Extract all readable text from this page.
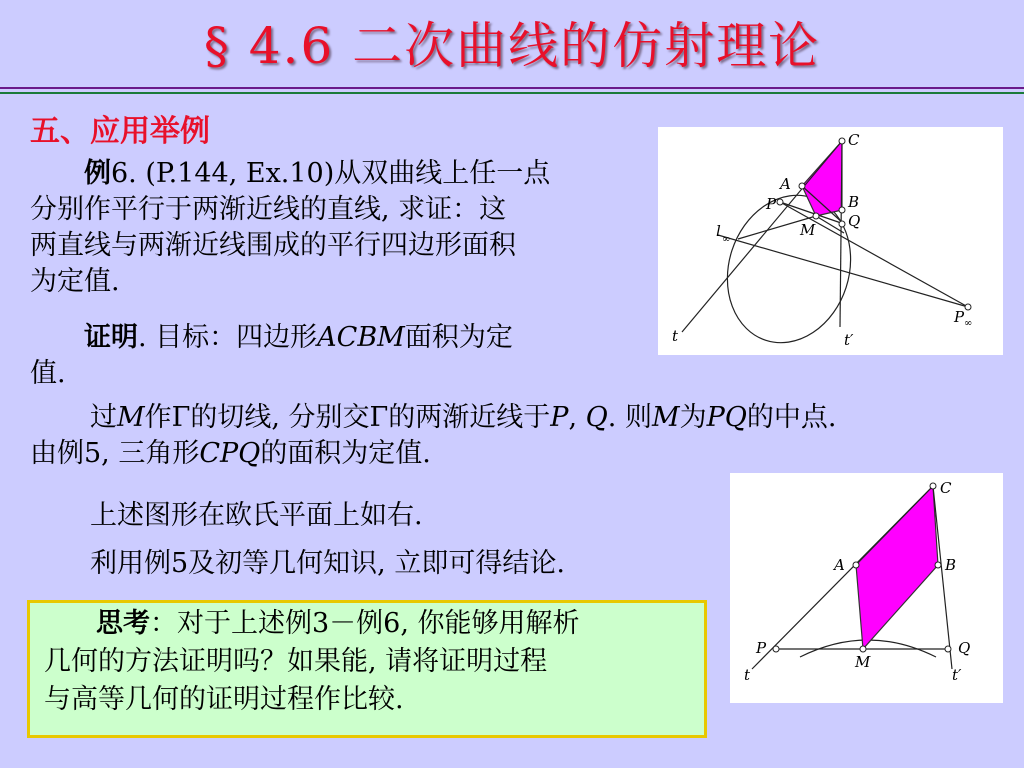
§ 4.6 二次曲线的仿射理论
五、应用举例
例6. (P.144, Ex.10)从双曲线上任一点
分别作平行于两渐近线的直线, 求证：这
两直线与两渐近线围成的平行四边形面积
为定值.
证明. 目标：四边形ACBM面积为定
值.
过M作Γ的切线, 分别交Γ的两渐近线于P, Q. 则M为PQ的中点.
由例5, 三角形CPQ的面积为定值.
上述图形在欧氏平面上如右.
利用例5及初等几何知识, 立即可得结论.
思考：对于上述例3－例6, 你能够用解析
几何的方法证明吗？如果能, 请将证明过程
与高等几何的证明过程作比较.
C
A
P	B
Q
M
l ∞
P ∞
t	t′
C
A	B
P
M
Q
t	t′
